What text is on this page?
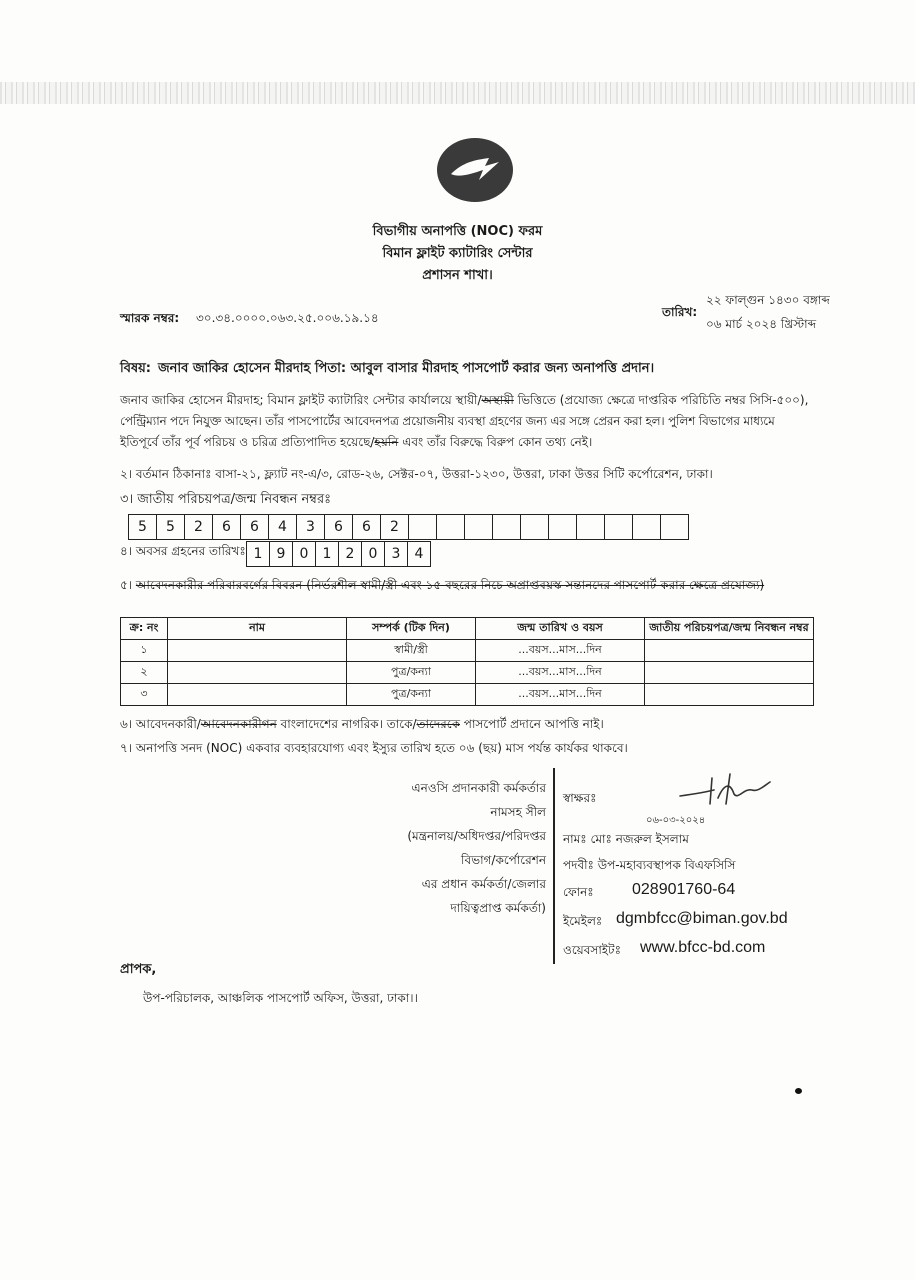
বিভাগীয় অনাপত্তি (NOC) ফরম
বিমান ফ্লাইট ক্যাটারিং সেন্টার
প্রশাসন শাখা।
২২ ফাল্গুন ১৪৩০ বঙ্গাব্দ
তারিখ:
০৬ মার্চ ২০২৪ খ্রিস্টাব্দ
স্মারক নম্বর: ৩০.৩৪.০০০০.০৬৩.২৫.০০৬.১৯.১৪
বিষয়: জনাব জাকির হোসেন মীরদাহ পিতা: আবুল বাসার মীরদাহ পাসপোর্ট করার জন্য অনাপত্তি প্রদান।
জনাব জাকির হোসেন মীরদাহ; বিমান ফ্লাইট ক্যাটারিং সেন্টার কার্যালয়ে স্থায়ী/অস্থায়ী ভিত্তিতে (প্রযোজ্য ক্ষেত্রে দাপ্তরিক পরিচিতি নম্বর সিসি-৫০০),
পেন্ট্রিম্যান পদে নিযুক্ত আছেন। তাঁর পাসপোর্টের আবেদনপত্র প্রয়োজনীয় ব্যবস্থা গ্রহণের জন্য এর সঙ্গে প্রেরন করা হল। পুলিশ বিভাগের মাধ্যমে
ইতিপূর্বে তাঁর পূর্ব পরিচয় ও চরিত্র প্রত্যিপাদিত হয়েছে/হয়নি এবং তাঁর বিরুদ্ধে বিরুপ কোন তথ্য নেই।
২। বর্তমান ঠিকানাঃ বাসা-২১, ফ্ল্যাট নং-এ/৩, রোড-২৬, সেক্টর-০৭, উত্তরা-১২৩০, উত্তরা, ঢাকা উত্তর সিটি কর্পোরেশন, ঢাকা।
৩। জাতীয় পরিচয়পত্র/জন্ম নিবন্ধন নম্বরঃ
5	5	2	6	6	4	3	6	6	2										
৪। অবসর গ্রহনের তারিখঃ 1	9	0	1	2	0	3	4
৫। আবেদনকারীর পরিবারবর্গের বিবরন (নির্ভরশীল স্বামী/স্ত্রী এবং ১৫ বছরের নিচে অপ্রাপ্তবয়স্ক সন্তানদের পাসপোর্ট করার ক্ষেত্রে প্রযোজ্য)
ক্র: নং	নাম	সম্পর্ক (টিক দিন)	জন্ম তারিখ ও বয়স	জাতীয় পরিচয়পত্র/জন্ম নিবন্ধন নম্বর
১		স্বামী/স্ত্রী	...বয়স...মাস...দিন	
২		পুত্র/কন্যা	...বয়স...মাস...দিন	
৩		পুত্র/কন্যা	...বয়স...মাস...দিন	
৬। আবেদনকারী/আবেদনকারীগন বাংলাদেশের নাগরিক। তাকে/তাদেরকে পাসপোর্ট প্রদানে আপত্তি নাই।
৭। অনাপত্তি সনদ (NOC) একবার ব্যবহারযোগ্য এবং ইস্যুর তারিখ হতে ০৬ (ছয়) মাস পর্যন্ত কার্যকর থাকবে।
এনওসি প্রদানকারী কর্মকর্তার
নামসহ সীল
(মন্ত্রনালয়/অধিদপ্তর/পরিদপ্তর
বিভাগ/কর্পোরেশন
এর প্রধান কর্মকর্তা/জেলার
দায়িত্বপ্রাপ্ত কর্মকর্তা)
স্বাক্ষরঃ
০৬-০৩-২০২৪
নামঃ মোঃ নজরুল ইসলাম
পদবীঃ উপ-মহাব্যবস্থাপক বিএফসিসি
ফোনঃ 028901760-64
ইমেইলঃ dgmbfcc@biman.gov.bd
ওয়েবসাইটঃ www.bfcc-bd.com
প্রাপক,
উপ-পরিচালক, আঞ্চলিক পাসপোর্ট অফিস, উত্তরা, ঢাকা।।
